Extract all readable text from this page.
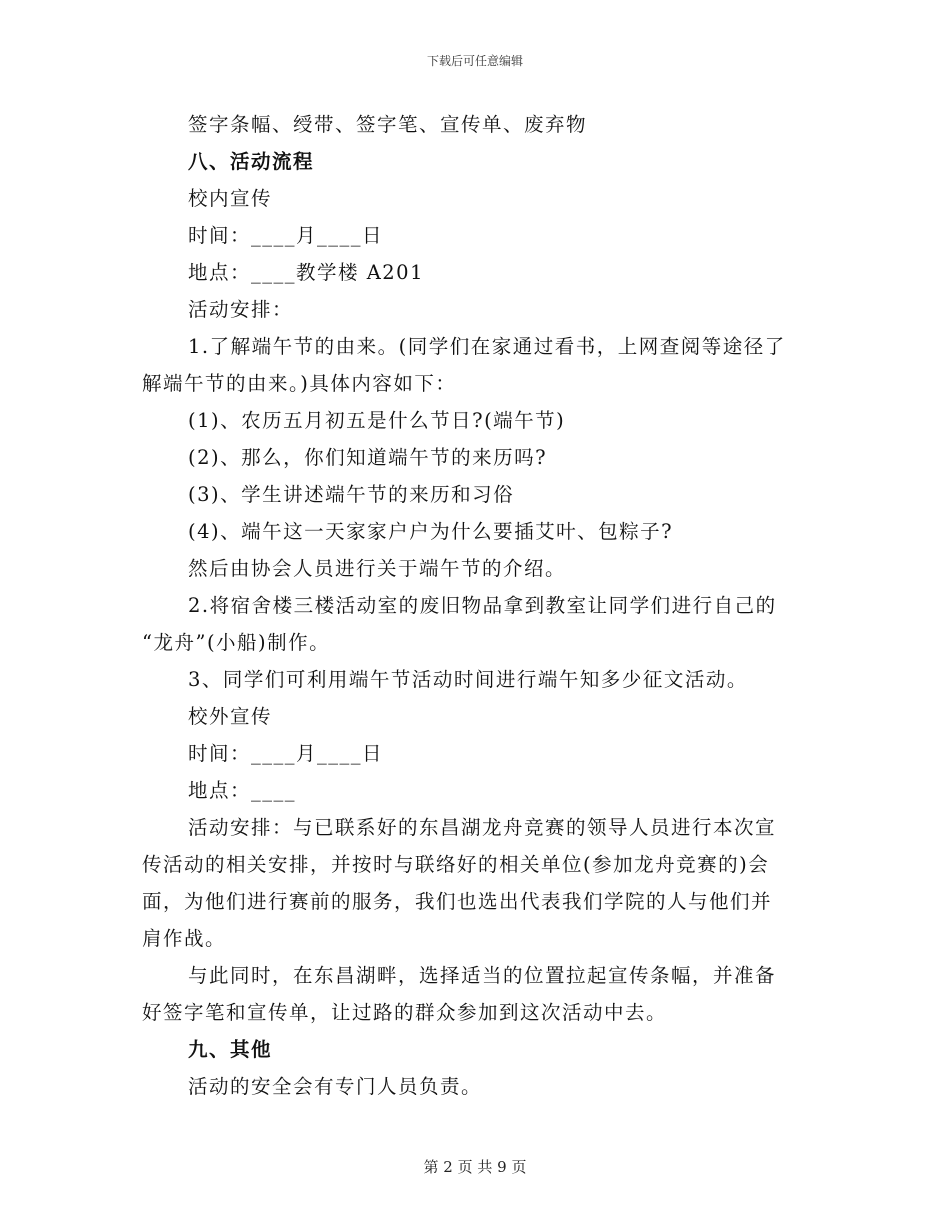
下载后可任意编辑
签字条幅、绶带、签字笔、宣传单、废弃物
八、活动流程
校内宣传
时间：____月____日
地点：____教学楼 A201
活动安排：
1.了解端午节的由来。(同学们在家通过看书，上网查阅等途径了
解端午节的由来。)具体内容如下：
(1)、农历五月初五是什么节日?(端午节)
(2)、那么，你们知道端午节的来历吗?
(3)、学生讲述端午节的来历和习俗
(4)、端午这一天家家户户为什么要插艾叶、包粽子?
然后由协会人员进行关于端午节的介绍。
2.将宿舍楼三楼活动室的废旧物品拿到教室让同学们进行自己的
“龙舟”(小船)制作。
3、同学们可利用端午节活动时间进行端午知多少征文活动。
校外宣传
时间：____月____日
地点：____
活动安排：与已联系好的东昌湖龙舟竞赛的领导人员进行本次宣
传活动的相关安排，并按时与联络好的相关单位(参加龙舟竞赛的)会
面，为他们进行赛前的服务，我们也选出代表我们学院的人与他们并
肩作战。
与此同时，在东昌湖畔，选择适当的位置拉起宣传条幅，并准备
好签字笔和宣传单，让过路的群众参加到这次活动中去。
九、其他
活动的安全会有专门人员负责。
第 2 页 共 9 页
